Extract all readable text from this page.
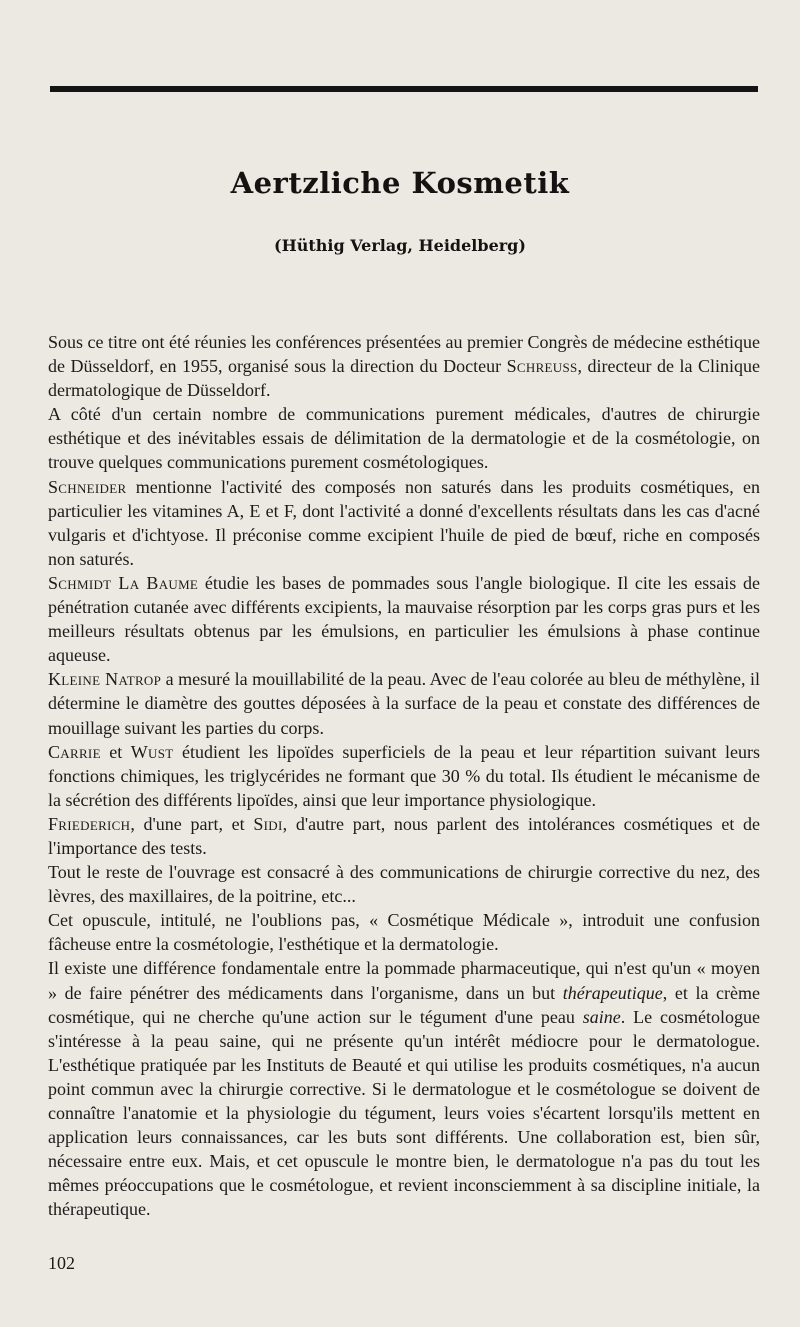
Aertzliche Kosmetik
(Hüthig Verlag, Heidelberg)

Sous ce titre ont été réunies les conférences présentées au premier Congrès de médecine esthétique de Düsseldorf, en 1955, organisé sous la direction du Docteur Schreuss, directeur de la Clinique dermatologique de Düsseldorf.

A côté d'un certain nombre de communications purement médicales, d'autres de chirurgie esthétique et des inévitables essais de délimitation de la dermatologie et de la cosmétologie, on trouve quelques communications purement cosmétologiques.

Schneider mentionne l'activité des composés non saturés dans les produits cosmétiques, en particulier les vitamines A, E et F, dont l'activité a donné d'excellents résultats dans les cas d'acné vulgaris et d'ichtyose. Il préconise comme excipient l'huile de pied de bœuf, riche en composés non saturés.

Schmidt La Baume étudie les bases de pommades sous l'angle biologique. Il cite les essais de pénétration cutanée avec différents excipients, la mauvaise résorption par les corps gras purs et les meilleurs résultats obtenus par les émulsions, en particulier les émulsions à phase continue aqueuse.

Kleine Natrop a mesuré la mouillabilité de la peau. Avec de l'eau colorée au bleu de méthylène, il détermine le diamètre des gouttes déposées à la surface de la peau et constate des différences de mouillage suivant les parties du corps.

Carrie et Wust étudient les lipoïdes superficiels de la peau et leur répartition suivant leurs fonctions chimiques, les triglycérides ne formant que 30 % du total. Ils étudient le mécanisme de la sécrétion des différents lipoïdes, ainsi que leur importance physiologique.

Friederich, d'une part, et Sidi, d'autre part, nous parlent des intolérances cosmétiques et de l'importance des tests.

Tout le reste de l'ouvrage est consacré à des communications de chirurgie corrective du nez, des lèvres, des maxillaires, de la poitrine, etc...

Cet opuscule, intitulé, ne l'oublions pas, « Cosmétique Médicale », introduit une confusion fâcheuse entre la cosmétologie, l'esthétique et la dermatologie.

Il existe une différence fondamentale entre la pommade pharmaceutique, qui n'est qu'un « moyen » de faire pénétrer des médicaments dans l'organisme, dans un but thérapeutique, et la crème cosmétique, qui ne cherche qu'une action sur le tégument d'une peau saine. Le cosmétologue s'intéresse à la peau saine, qui ne présente qu'un intérêt médiocre pour le dermatologue. L'esthétique pratiquée par les Instituts de Beauté et qui utilise les produits cosmétiques, n'a aucun point commun avec la chirurgie corrective. Si le dermatologue et le cosmétologue se doivent de connaître l'anatomie et la physiologie du tégument, leurs voies s'écartent lorsqu'ils mettent en application leurs connaissances, car les buts sont différents. Une collaboration est, bien sûr, nécessaire entre eux. Mais, et cet opuscule le montre bien, le dermatologue n'a pas du tout les mêmes préoccupations que le cosmétologue, et revient inconsciemment à sa discipline initiale, la thérapeutique.

102
